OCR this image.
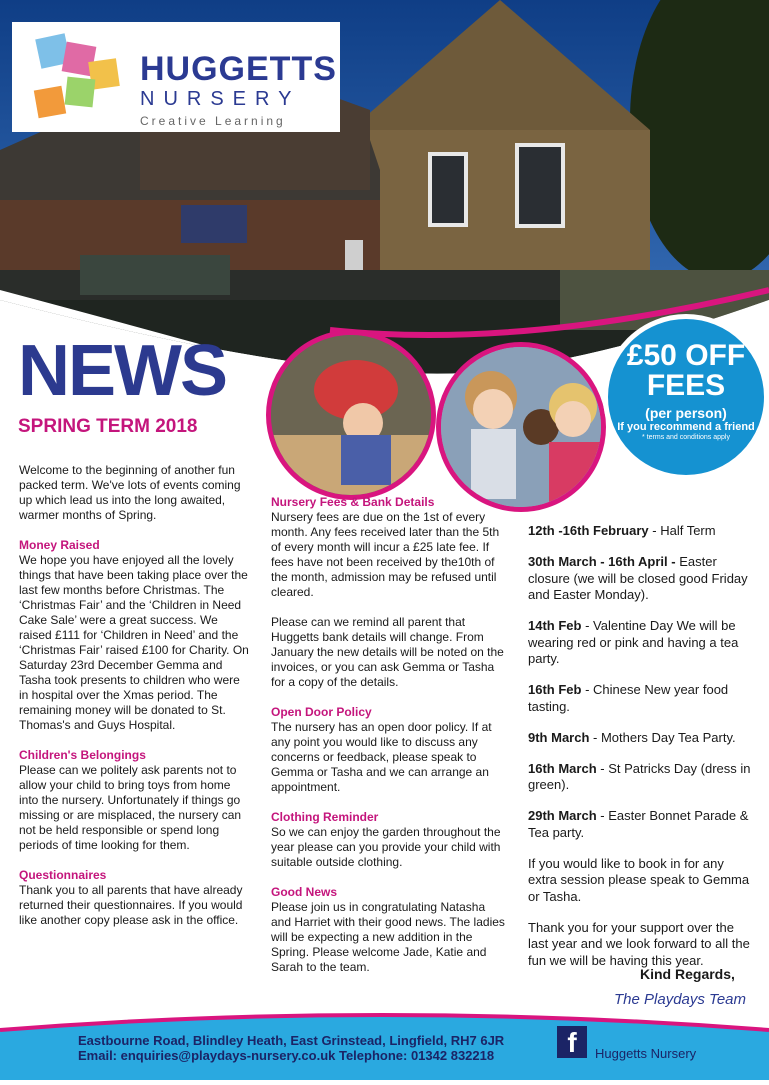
HUGGETTS
NURSERY
Creative Learning
NEWS
SPRING TERM 2018
£50 OFF
FEES
(per person)
If you recommend a friend
* terms and conditions apply

Welcome to the beginning of another fun packed term. We've lots of events coming up which lead us into the long awaited, warmer months of Spring.

Money Raised

We hope you have enjoyed all the lovely things that have been taking place over the last few months before Christmas. The ‘Christmas Fair’ and the ‘Children in Need Cake Sale’ were a great success. We raised £111 for ‘Children in Need’ and the ‘Christmas Fair’ raised £100 for Charity. On Saturday 23rd December Gemma and Tasha took presents to children who were in hospital over the Xmas period. The remaining money will be donated to St. Thomas's and Guys Hospital.

Children's Belongings

Please can we politely ask parents not to allow your child to bring toys from home into the nursery. Unfortunately if things go missing or are misplaced, the nursery can not be held responsible or spend long periods of time looking for them.

Questionnaires

Thank you to all parents that have already returned their questionnaires. If you would like another copy please ask in the office.

Nursery Fees & Bank Details

Nursery fees are due on the 1st of every month. Any fees received later than the 5th of every month will incur a £25 late fee. If fees have not been received by the10th of the month, admission may be refused until cleared.

Please can we remind all parent that Huggetts bank details will change. From January the new details will be noted on the invoices, or you can ask Gemma or Tasha for a copy of the details.

Open Door Policy

The nursery has an open door policy. If at any point you would like to discuss any concerns or feedback, please speak to Gemma or Tasha and we can arrange an appointment.

Clothing Reminder

So we can enjoy the garden throughout the year please can you provide your child with suitable outside clothing.

Good News

Please join us in congratulating Natasha and Harriet with their good news. The ladies will be expecting a new addition in the Spring. Please welcome Jade, Katie and Sarah to the team.

12th -16th February - Half Term

30th March - 16th April - Easter closure (we will be closed good Friday and Easter Monday).

14th Feb - Valentine Day We will be wearing red or pink and having a tea party.

16th Feb - Chinese New year food tasting.

9th March - Mothers Day Tea Party.

16th March - St Patricks Day (dress in green).

29th March - Easter Bonnet Parade & Tea party.

If you would like to book in for any extra session please speak to Gemma or Tasha.

Thank you for your support over the last year and we look forward to all the fun we will be having this year.

Kind Regards,
The Playdays Team
Eastbourne Road, Blindley Heath, East Grinstead, Lingfield, RH7 6JR
Email: enquiries@playdays-nursery.co.uk Telephone: 01342 832218	f	Huggetts Nursery
